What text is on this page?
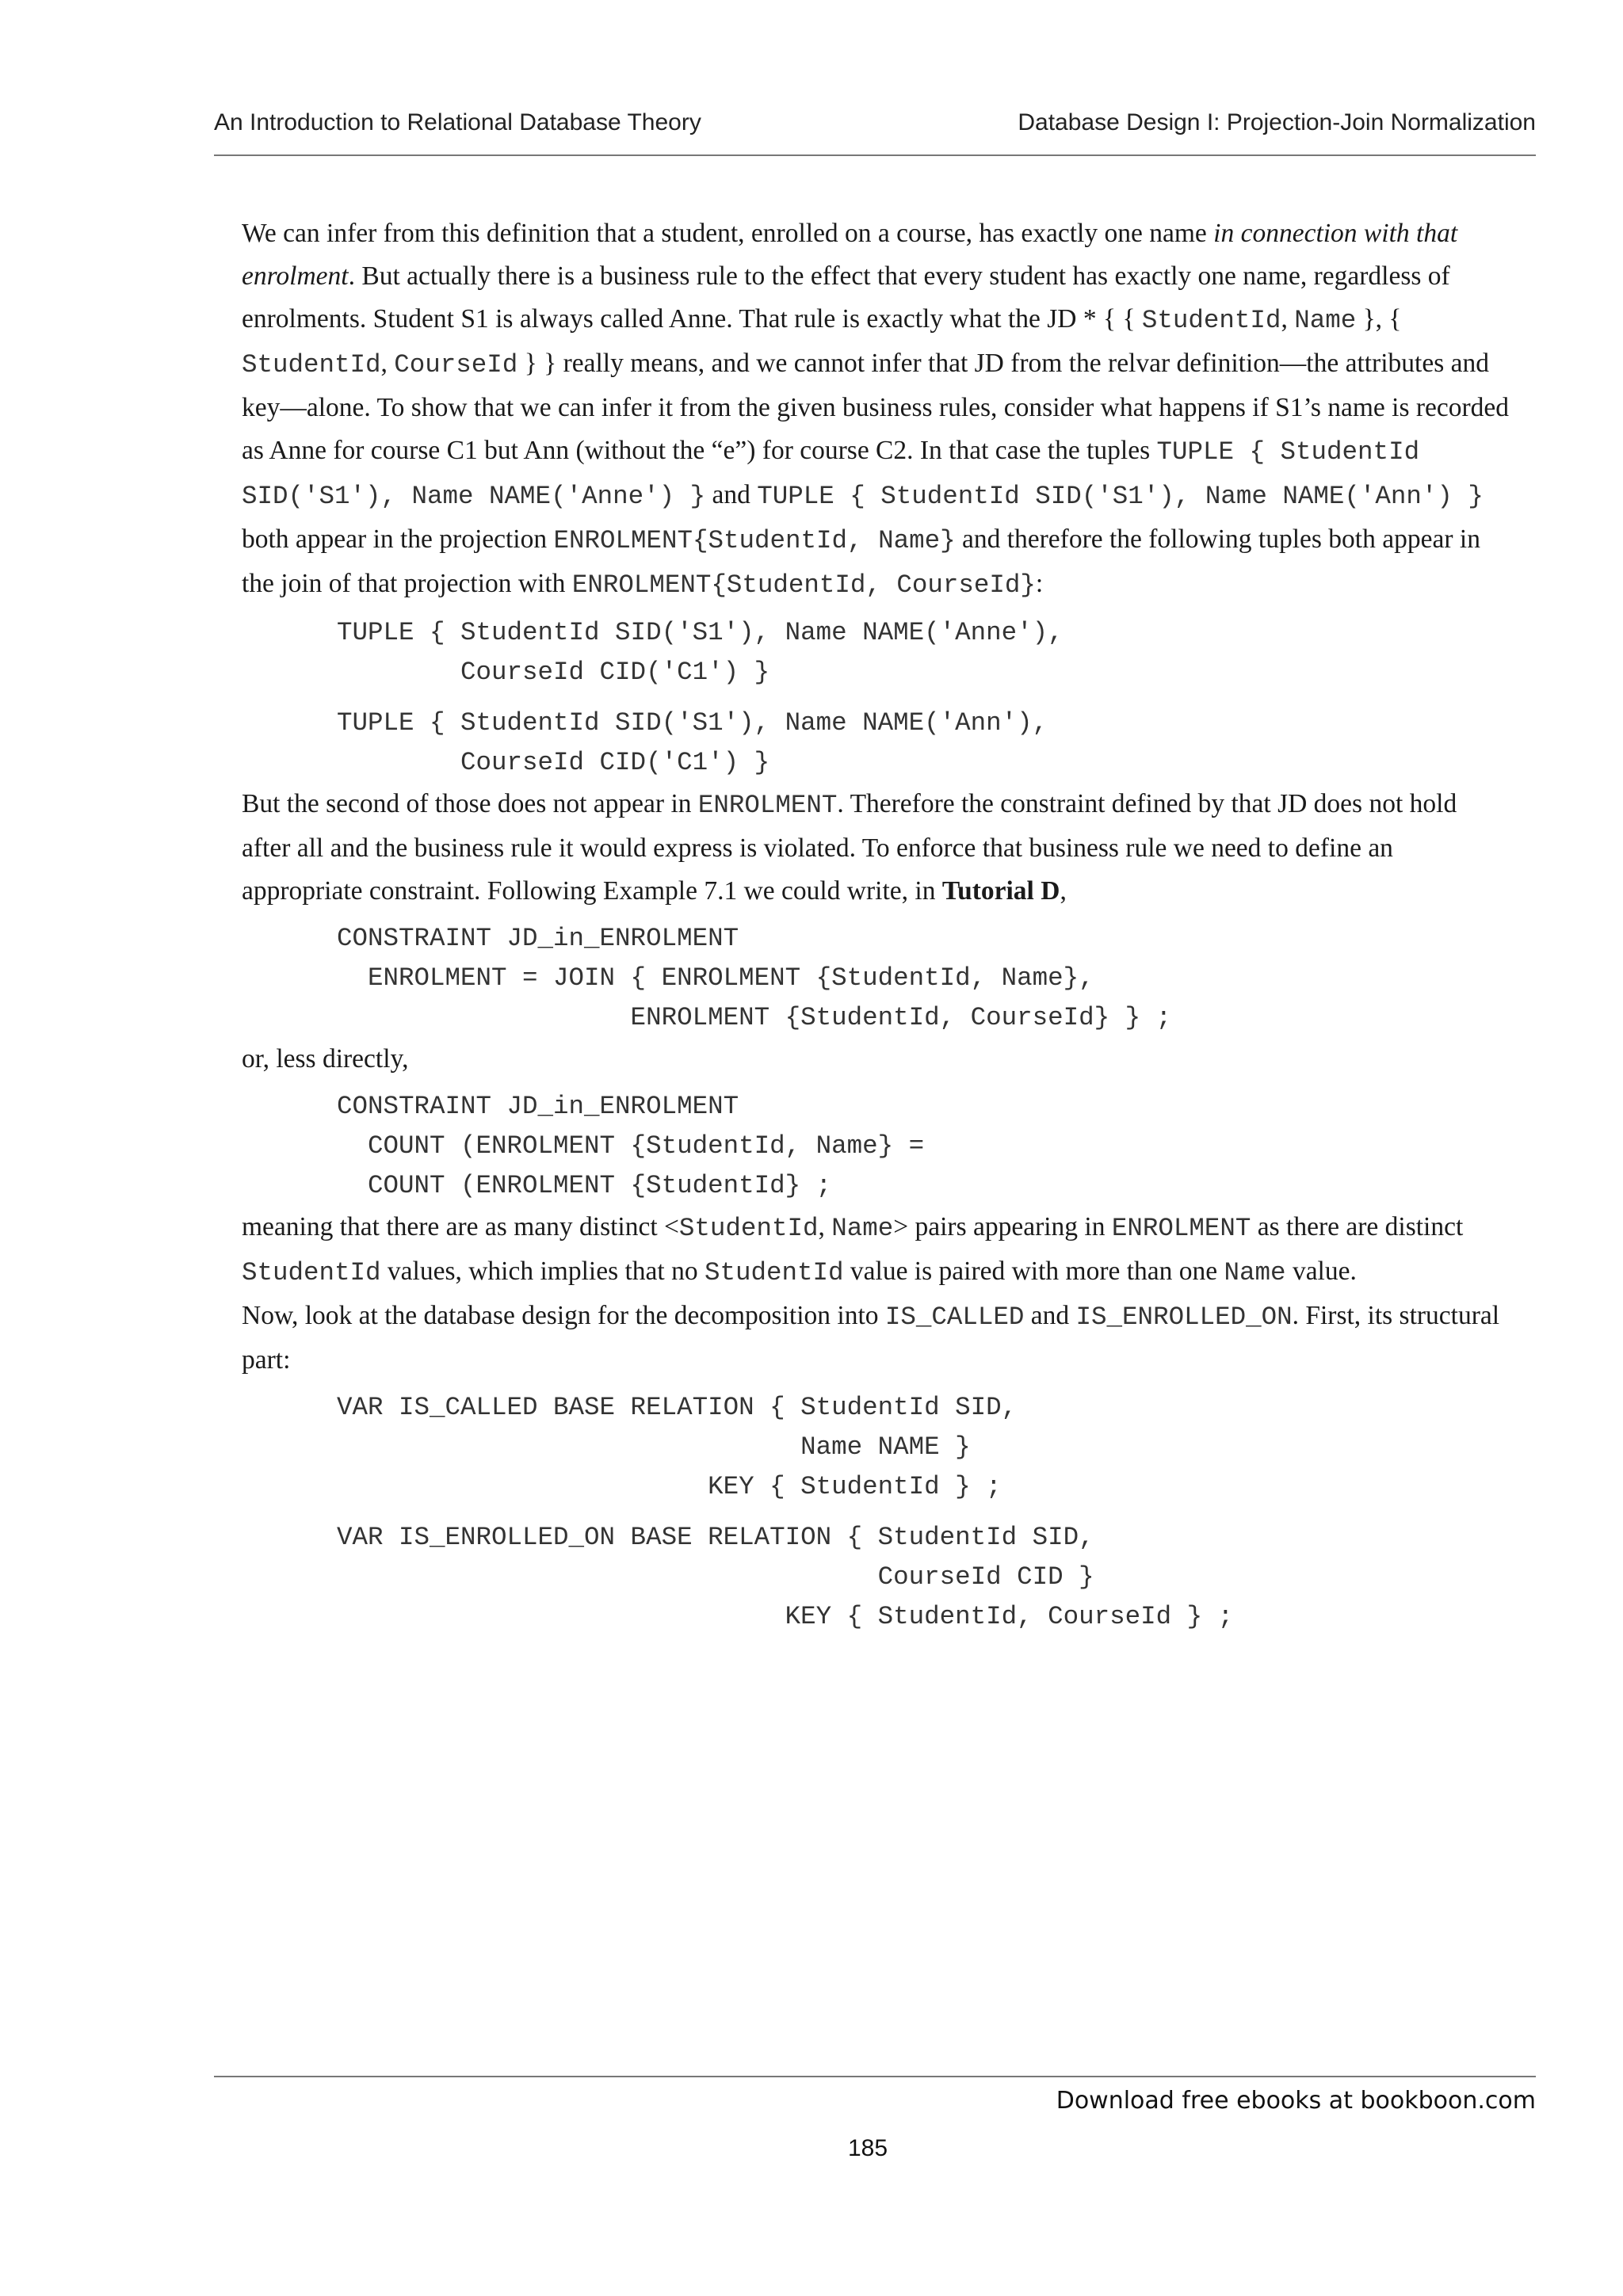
An Introduction to Relational Database Theory	Database Design I: Projection-Join Normalization

We can infer from this definition that a student, enrolled on a course, has exactly one name in connection with that enrolment. But actually there is a business rule to the effect that every student has exactly one name, regardless of enrolments. Student S1 is always called Anne. That rule is exactly what the JD * { { StudentId, Name }, { StudentId, CourseId } } really means, and we cannot infer that JD from the relvar definition—the attributes and key—alone. To show that we can infer it from the given business rules, consider what happens if S1’s name is recorded as Anne for course C1 but Ann (without the “e”) for course C2. In that case the tuples TUPLE { StudentId SID('S1'), Name NAME('Anne') } and TUPLE { StudentId SID('S1'), Name NAME('Ann') } both appear in the projection ENROLMENT{StudentId, Name} and therefore the following tuples both appear in the join of that projection with ENROLMENT{StudentId, CourseId}:

TUPLE { StudentId SID('S1'), Name NAME('Anne'),
CourseId CID('C1') }
TUPLE { StudentId SID('S1'), Name NAME('Ann'),
CourseId CID('C1') }

But the second of those does not appear in ENROLMENT. Therefore the constraint defined by that JD does not hold after all and the business rule it would express is violated. To enforce that business rule we need to define an appropriate constraint. Following Example 7.1 we could write, in Tutorial D,

CONSTRAINT JD_in_ENROLMENT
ENROLMENT = JOIN { ENROLMENT {StudentId, Name},
ENROLMENT {StudentId, CourseId} } ;

or, less directly,

CONSTRAINT JD_in_ENROLMENT
COUNT (ENROLMENT {StudentId, Name} =
COUNT (ENROLMENT {StudentId} ;

meaning that there are as many distinct <StudentId, Name> pairs appearing in ENROLMENT as there are distinct StudentId values, which implies that no StudentId value is paired with more than one Name value.

Now, look at the database design for the decomposition into IS_CALLED and IS_ENROLLED_ON. First, its structural part:

VAR IS_CALLED BASE RELATION { StudentId SID,
Name NAME }
KEY { StudentId } ;
VAR IS_ENROLLED_ON BASE RELATION { StudentId SID,
CourseId CID }
KEY { StudentId, CourseId } ;
Download free ebooks at bookboon.com
185
